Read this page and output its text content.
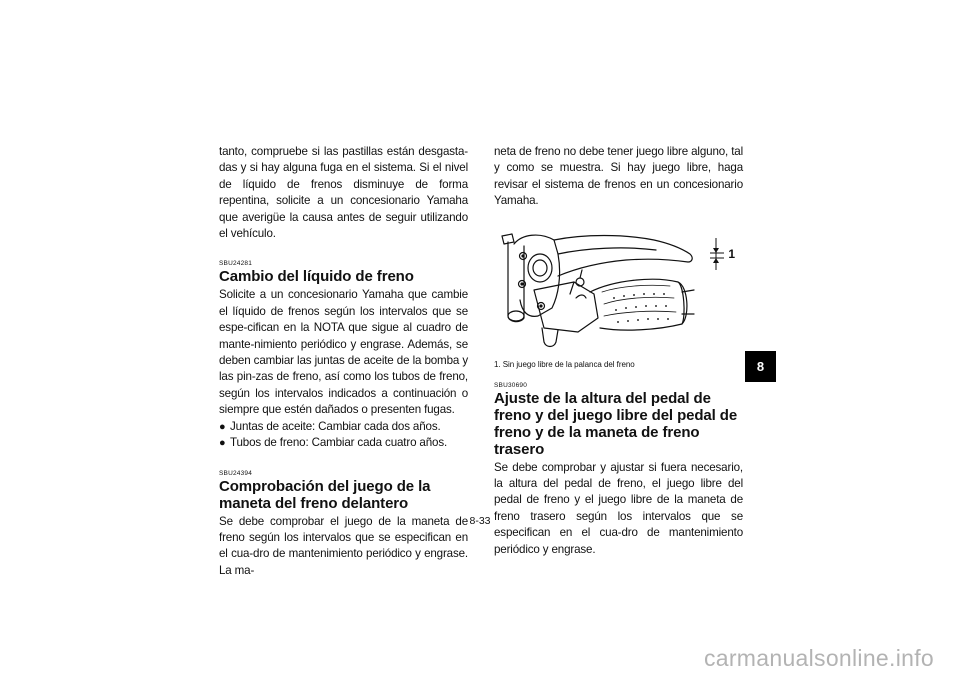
tanto, compruebe si las pastillas están desgasta-das y si hay alguna fuga en el sistema. Si el nivel de líquido de frenos disminuye de forma repentina, solicite a un concesionario Yamaha que averigüe la causa antes de seguir utilizando el vehículo.

SBU24281

Cambio del líquido de freno

Solicite a un concesionario Yamaha que cambie el líquido de frenos según los intervalos que se espe-cifican en la NOTA que sigue al cuadro de mante-nimiento periódico y engrase. Además, se deben cambiar las juntas de aceite de la bomba y las pin-zas de freno, así como los tubos de freno, según los intervalos indicados a continuación o siempre que estén dañados o presenten fugas.

● Juntas de aceite: Cambiar cada dos años.
● Tubos de freno: Cambiar cada cuatro años.

SBU24394

Comprobación del juego de la maneta del freno delantero

Se debe comprobar el juego de la maneta de freno según los intervalos que se especifican en el cua-dro de mantenimiento periódico y engrase. La ma-

neta de freno no debe tener juego libre alguno, tal y como se muestra. Si hay juego libre, haga revisar el sistema de frenos en un concesionario Yamaha.

1

1. Sin juego libre de la palanca del freno

SBU30690

Ajuste de la altura del pedal de freno y del juego libre del pedal de freno y de la maneta de freno trasero

Se debe comprobar y ajustar si fuera necesario, la altura del pedal de freno, el juego libre del pedal de freno y el juego libre de la maneta de freno trasero según los intervalos que se especifican en el cua-dro de mantenimiento periódico y engrase.

8
8-33
carmanualsonline.info
